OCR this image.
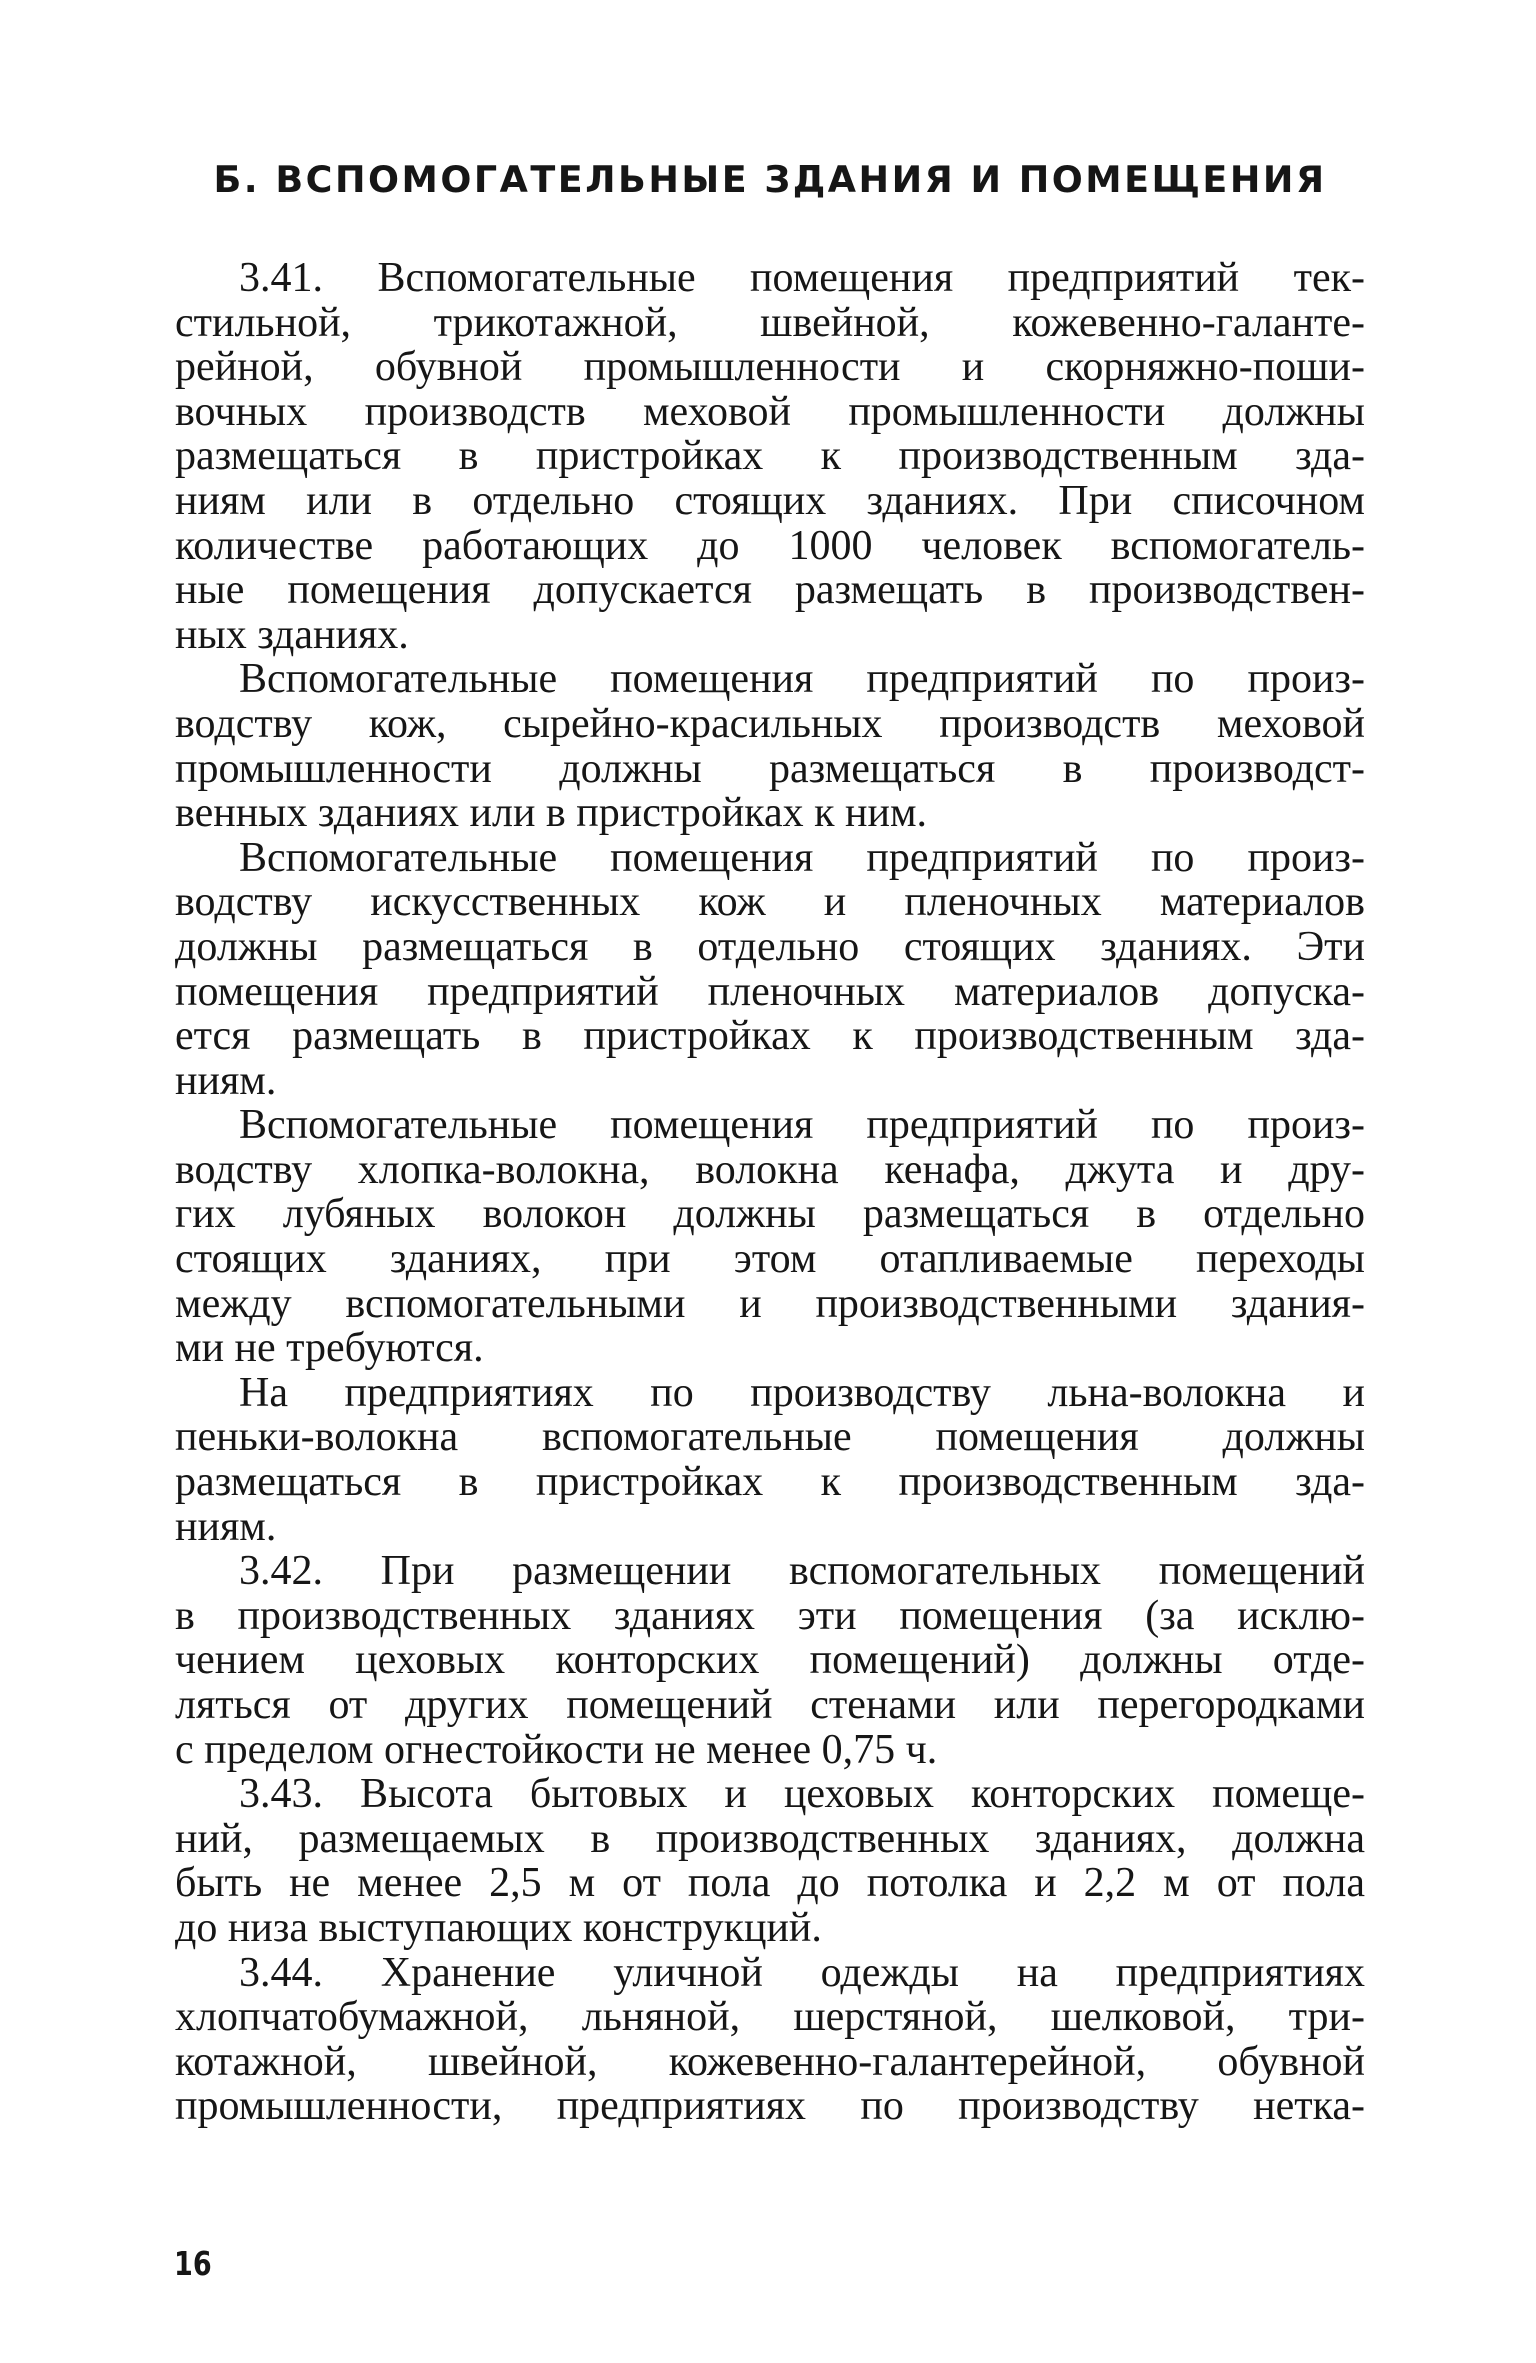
Б. ВСПОМОГАТЕЛЬНЫЕ ЗДАНИЯ И ПОМЕЩЕНИЯ
3.41. Вспомогательные помещения предприятий тек-
стильной, трикотажной, швейной, кожевенно-галанте-
рейной, обувной промышленности и скорняжно-поши-
вочных производств меховой промышленности должны
размещаться в пристройках к производственным зда-
ниям или в отдельно стоящих зданиях. При списочном
количестве работающих до 1000 человек вспомогатель-
ные помещения допускается размещать в производствен-
ных зданиях.
Вспомогательные помещения предприятий по произ-
водству кож, сырейно-красильных производств меховой
промышленности должны размещаться в производст-
венных зданиях или в пристройках к ним.
Вспомогательные помещения предприятий по произ-
водству искусственных кож и пленочных материалов
должны размещаться в отдельно стоящих зданиях. Эти
помещения предприятий пленочных материалов допуска-
ется размещать в пристройках к производственным зда-
ниям.
Вспомогательные помещения предприятий по произ-
водству хлопка-волокна, волокна кенафа, джута и дру-
гих лубяных волокон должны размещаться в отдельно
стоящих зданиях, при этом отапливаемые переходы
между вспомогательными и производственными здания-
ми не требуются.
На предприятиях по производству льна-волокна и
пеньки-волокна вспомогательные помещения должны
размещаться в пристройках к производственным зда-
ниям.
3.42. При размещении вспомогательных помещений
в производственных зданиях эти помещения (за исклю-
чением цеховых конторских помещений) должны отде-
ляться от других помещений стенами или перегородками
с пределом огнестойкости не менее 0,75 ч.
3.43. Высота бытовых и цеховых конторских помеще-
ний, размещаемых в производственных зданиях, должна
быть не менее 2,5 м от пола до потолка и 2,2 м от пола
до низа выступающих конструкций.
3.44. Хранение уличной одежды на предприятиях
хлопчатобумажной, льняной, шерстяной, шелковой, три-
котажной, швейной, кожевенно-галантерейной, обувной
промышленности, предприятиях по производству нетка-
16
